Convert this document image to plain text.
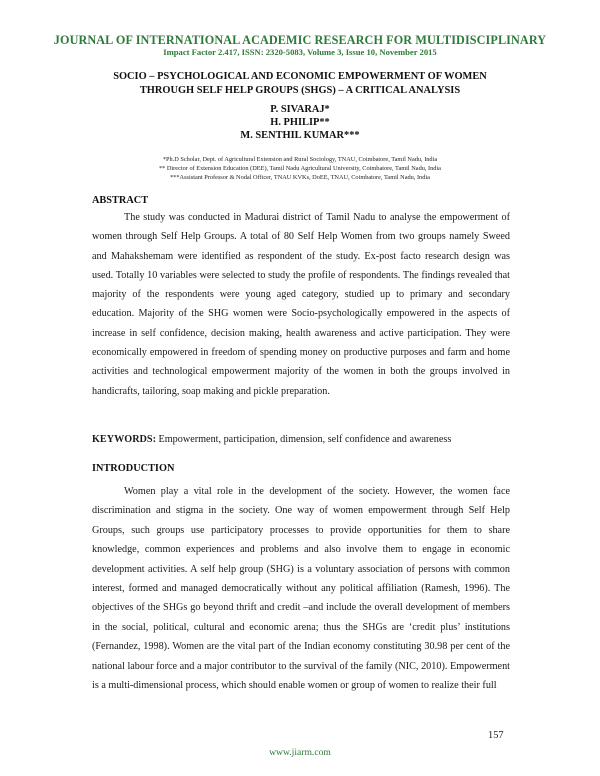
JOURNAL OF INTERNATIONAL ACADEMIC RESEARCH FOR MULTIDISCIPLINARY
Impact Factor 2.417, ISSN: 2320-5083, Volume 3, Issue 10, November 2015
SOCIO – PSYCHOLOGICAL AND ECONOMIC EMPOWERMENT OF WOMEN
THROUGH SELF HELP GROUPS (SHGS) – A CRITICAL ANALYSIS
P. SIVARAJ*
H. PHILIP**
M. SENTHIL KUMAR***
*Ph.D Scholar, Dept. of Agricultural Extension and Rural Sociology, TNAU, Coimbatore, Tamil Nadu, India
** Director of Extension Education (DEE), Tamil Nadu Agricultural University, Coimbatore, Tamil Nadu, India
***Assistant Professor & Nodal Officer, TNAU KVKs, DoEE, TNAU, Coimbatore, Tamil Nadu, India
ABSTRACT
The study was conducted in Madurai district of Tamil Nadu to analyse the empowerment of women through Self Help Groups. A total of 80 Self Help Women from two groups namely Sweed and Mahakshemam were identified as respondent of the study. Ex-post facto research design was used. Totally 10 variables were selected to study the profile of respondents. The findings revealed that majority of the respondents were young aged category, studied up to primary and secondary education. Majority of the SHG women were Socio-psychologically empowered in the aspects of increase in self confidence, decision making, health awareness and active participation. They were economically empowered in freedom of spending money on productive purposes and farm and home activities and technological empowerment majority of the women in both the groups involved in handicrafts, tailoring, soap making and pickle preparation.
KEYWORDS: Empowerment, participation, dimension, self confidence and awareness
INTRODUCTION
Women play a vital role in the development of the society. However, the women face discrimination and stigma in the society. One way of women empowerment through Self Help Groups, such groups use participatory processes to provide opportunities for them to share knowledge, common experiences and problems and also involve them to engage in economic development activities. A self help group (SHG) is a voluntary association of persons with common interest, formed and managed democratically without any political affiliation (Ramesh, 1996). The objectives of the SHGs go beyond thrift and credit –and include the overall development of members in the social, political, cultural and economic arena; thus the SHGs are ‘credit plus’ institutions (Fernandez, 1998). Women are the vital part of the Indian economy constituting 30.98 per cent of the national labour force and a major contributor to the survival of the family (NIC, 2010). Empowerment is a multi-dimensional process, which should enable women or group of women to realize their full
157
www.jiarm.com
